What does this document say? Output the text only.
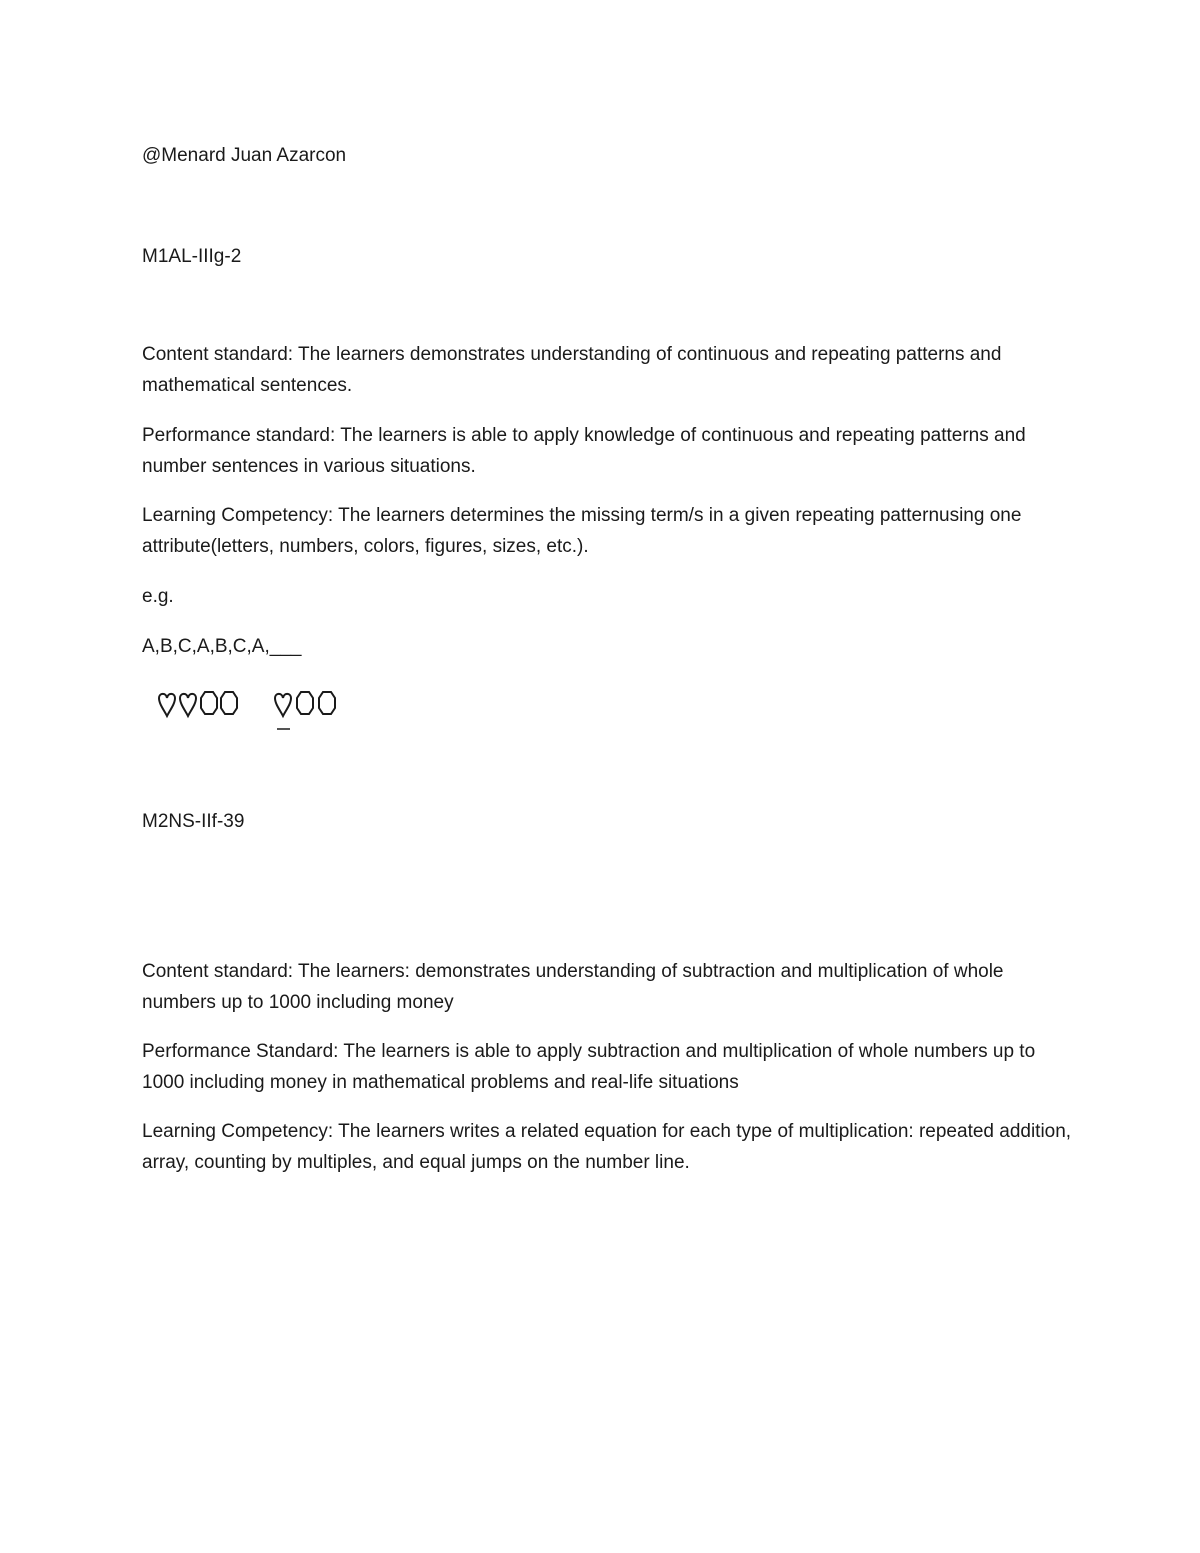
@Menard Juan Azarcon
M1AL-IIIg-2

Content standard: The learners demonstrates understanding of continuous and repeating patterns and mathematical sentences.

Performance standard: The learners is able to apply knowledge of continuous and repeating patterns and number sentences in various situations.

Learning Competency: The learners determines the missing term/s in a given repeating patternusing one attribute(letters, numbers, colors, figures, sizes, etc.).

e.g.
A,B,C,A,B,C,A,___
M2NS-IIf-39

Content standard: The learners: demonstrates understanding of subtraction and multiplication of whole numbers up to 1000 including money

Performance Standard: The learners is able to apply subtraction and multiplication of whole numbers up to 1000 including money in mathematical problems and real-life situations

Learning Competency: The learners writes a related equation for each type of multiplication: repeated addition, array, counting by multiples, and equal jumps on the number line.
